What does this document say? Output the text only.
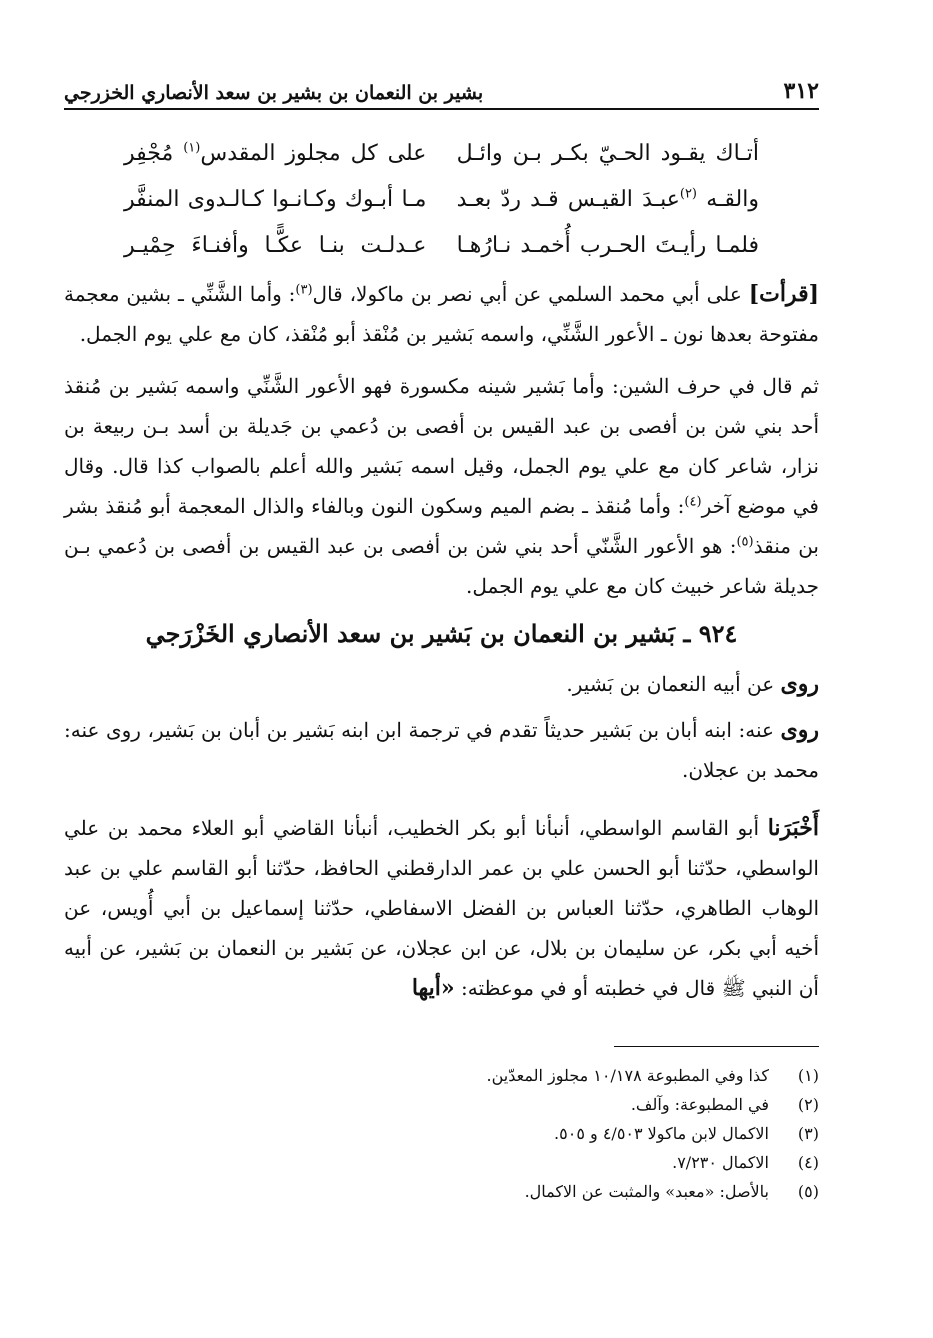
٣١٢
بشير بن النعمان بن بشير بن سعد الأنصاري الخزرجي
أتـاك يقـود الحـيّ بكـر بـن وائـل
على كل مجلوز المقدس$^{(١)}$ مُجْفِر
والقـه $^{(٢)}$عبـدَ القيـس قـد ردّ بعـد
مـا أبـوك وكـانـوا كـالـدوى المنفَّر
فلمـا رأيـتَ الحـرب أُخمـد نـارُهـا
عـدلـت بنـا عكًّـا وأفنـاءَ حِمْيـر

[قرأت] على أبي محمد السلمي عن أبي نصر بن ماكولا، قال$^{(٣)}$: وأما الشَّنِّي ـ بشين معجمة مفتوحة بعدها نون ـ الأعور الشَّنِّي، واسمه بَشير بن مُنْقذ أبو مُنْقذ، كان مع علي يوم الجمل.

ثم قال في حرف الشين: وأما بَشير شينه مكسورة فهو الأعور الشَّنِّي واسمه بَشير بن مُنقذ أحد بني شن بن أفصى بن عبد القيس بن أفصى بن دُعمي بن جَديلة بن أسد بـن ربيعة بن نزار، شاعر كان مع علي يوم الجمل، وقيل اسمه بَشير والله أعلم بالصواب كذا قال. وقال في موضع آخر$^{(٤)}$: وأما مُنقذ ـ بضم الميم وسكون النون وبالفاء والذال المعجمة أبو مُنقذ بشر بن منقذ$^{(٥)}$: هو الأعور الشَّنّي أحد بني شن بن أفصى بن عبد القيس بن أفصى بن دُعمي بـن جديلة شاعر خبيث كان مع علي يوم الجمل.

٩٢٤ ـ بَشير بن النعمان بن بَشير بن سعد الأنصاري الخَزْرَجي

روى عن أبيه النعمان بن بَشير.

روى عنه: ابنه أبان بن بَشير حديثاً تقدم في ترجمة ابن ابنه بَشير بن أبان بن بَشير، روى عنه: محمد بن عجلان.

أَخْبَرَنا أبو القاسم الواسطي، أنبأنا أبو بكر الخطيب، أنبأنا القاضي أبو العلاء محمد بن علي الواسطي، حدّثنا أبو الحسن علي بن عمر الدارقطني الحافظ، حدّثنا أبو القاسم علي بن عبد الوهاب الطاهري، حدّثنا العباس بن الفضل الاسفاطي، حدّثنا إسماعيل بن أبي أُويس، عن أخيه أبي بكر، عن سليمان بن بلال، عن ابن عجلان، عن بَشير بن النعمان بن بَشير، عن أبيه أن النبي ﷺ قال في خطبته أو في موعظته: «أيها

(١)
كذا وفي المطبوعة ١٠/١٧٨ مجلوز المعدّين.
(٢)
في المطبوعة: وآلف.
(٣)
الاكمال لابن ماكولا ٤/٥٠٣ و ٥٠٥.
(٤)
الاكمال ٧/٢٣٠.
(٥)
بالأصل: «معبد» والمثبت عن الاكمال.
